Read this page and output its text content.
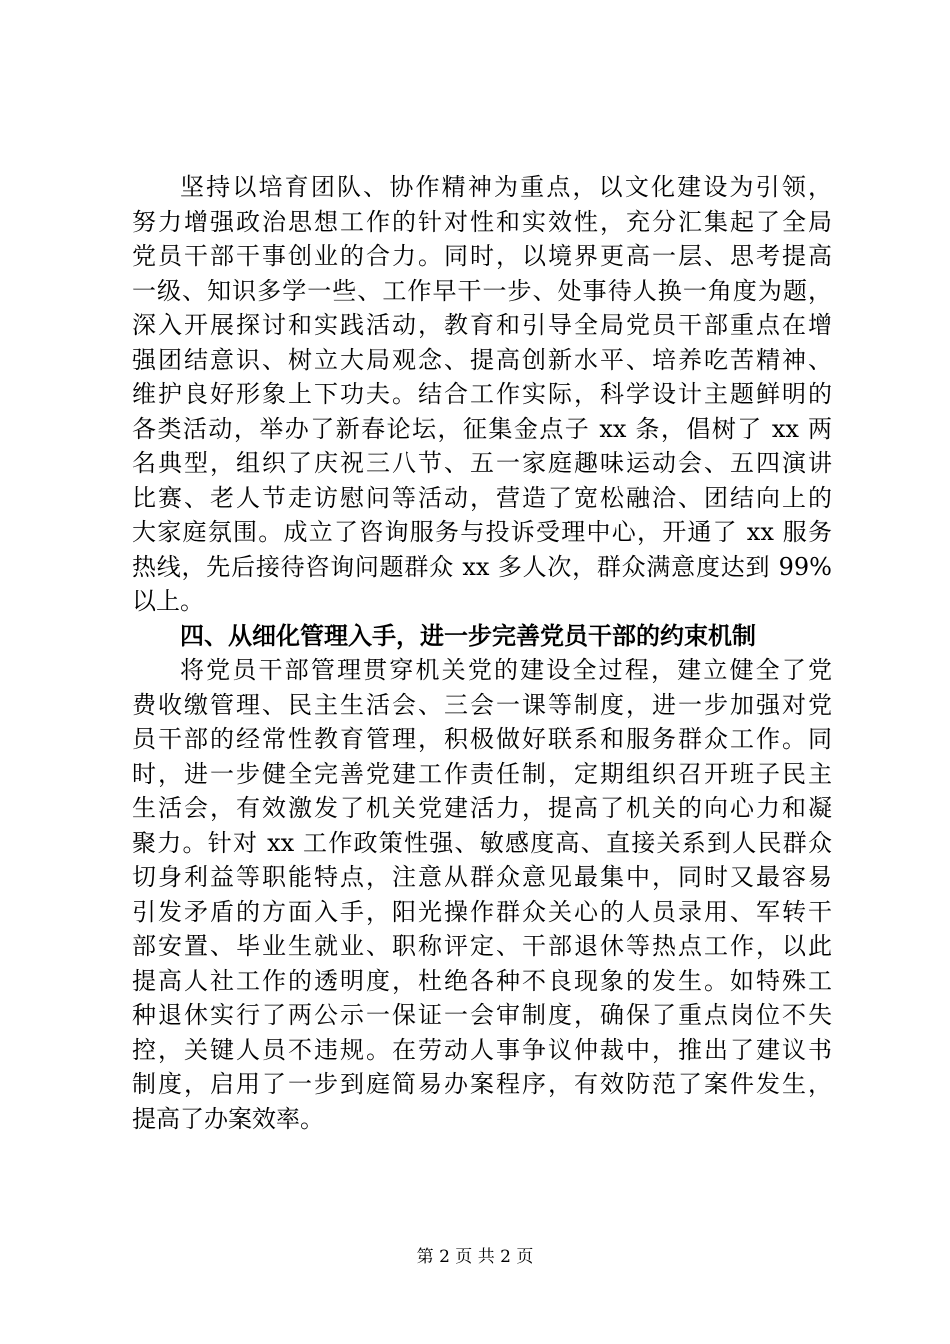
坚持以培育团队、协作精神为重点，以文化建设为引领，
努力增强政治思想工作的针对性和实效性，充分汇集起了全局
党员干部干事创业的合力。同时，以境界更高一层、思考提高
一级、知识多学一些、工作早干一步、处事待人换一角度为题，
深入开展探讨和实践活动，教育和引导全局党员干部重点在增
强团结意识、树立大局观念、提高创新水平、培养吃苦精神、
维护良好形象上下功夫。结合工作实际，科学设计主题鲜明的
各类活动，举办了新春论坛，征集金点子 xx 条，倡树了 xx 两
名典型，组织了庆祝三八节、五一家庭趣味运动会、五四演讲
比赛、老人节走访慰问等活动，营造了宽松融洽、团结向上的
大家庭氛围。成立了咨询服务与投诉受理中心，开通了 xx 服务
热线，先后接待咨询问题群众 xx 多人次，群众满意度达到 99%
以上。
四、从细化管理入手，进一步完善党员干部的约束机制
将党员干部管理贯穿机关党的建设全过程，建立健全了党
费收缴管理、民主生活会、三会一课等制度，进一步加强对党
员干部的经常性教育管理，积极做好联系和服务群众工作。同
时，进一步健全完善党建工作责任制，定期组织召开班子民主
生活会，有效激发了机关党建活力，提高了机关的向心力和凝
聚力。针对 xx 工作政策性强、敏感度高、直接关系到人民群众
切身利益等职能特点，注意从群众意见最集中，同时又最容易
引发矛盾的方面入手，阳光操作群众关心的人员录用、军转干
部安置、毕业生就业、职称评定、干部退休等热点工作，以此
提高人社工作的透明度，杜绝各种不良现象的发生。如特殊工
种退休实行了两公示一保证一会审制度，确保了重点岗位不失
控，关键人员不违规。在劳动人事争议仲裁中，推出了建议书
制度，启用了一步到庭简易办案程序，有效防范了案件发生，
提高了办案效率。
第 2 页 共 2 页
